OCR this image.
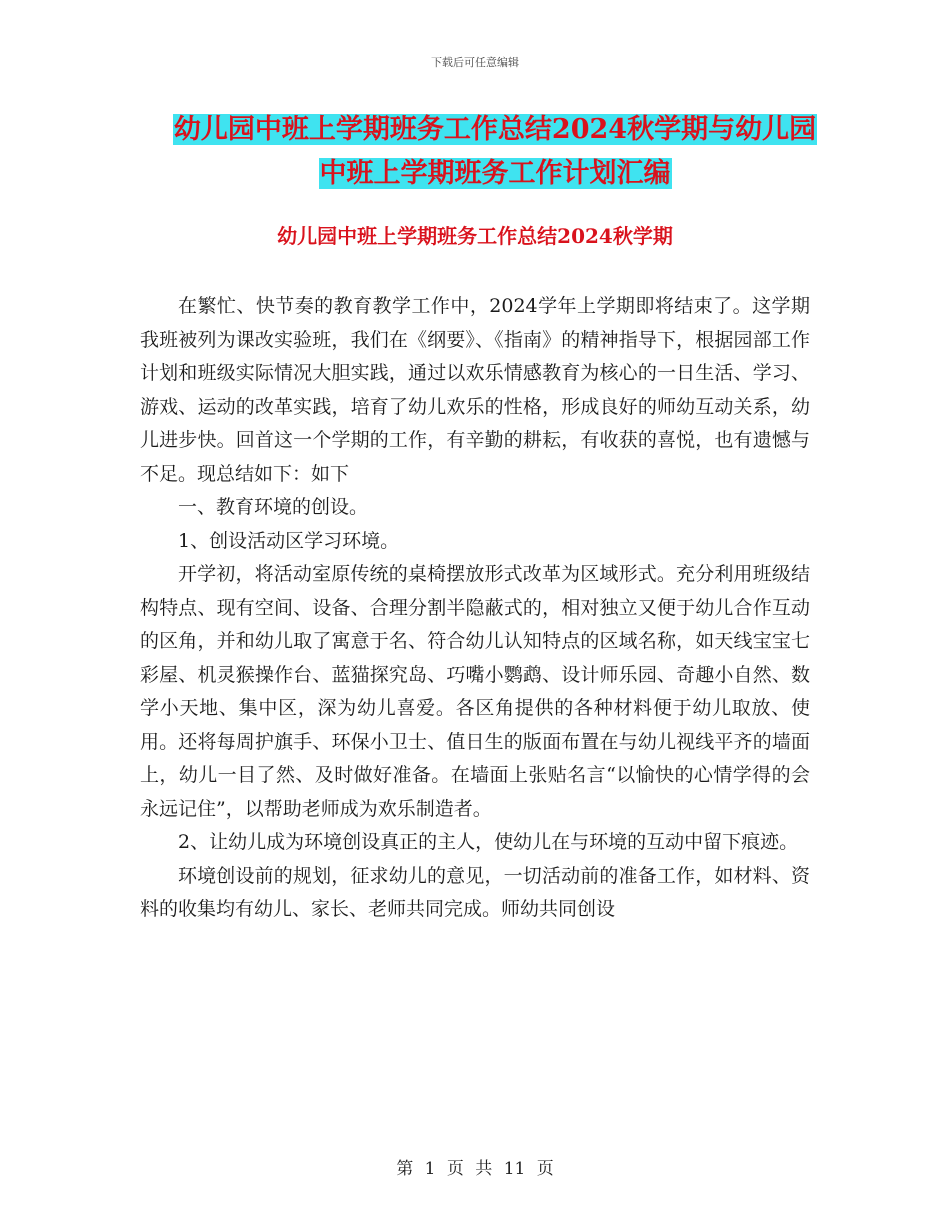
下载后可任意编辑
幼儿园中班上学期班务工作总结2024秋学期与幼儿园
中班上学期班务工作计划汇编
幼儿园中班上学期班务工作总结2024秋学期

在繁忙、快节奏的教育教学工作中，2024学年上学期即将结束了。这学期我班被列为课改实验班，我们在《纲要》、《指南》的精神指导下，根据园部工作计划和班级实际情况大胆实践，通过以欢乐情感教育为核心的一日生活、学习、游戏、运动的改革实践，培育了幼儿欢乐的性格，形成良好的师幼互动关系，幼儿进步快。回首这一个学期的工作，有辛勤的耕耘，有收获的喜悦，也有遗憾与不足。现总结如下：如下

一、教育环境的创设。

1、创设活动区学习环境。

开学初，将活动室原传统的桌椅摆放形式改革为区域形式。充分利用班级结构特点、现有空间、设备、合理分割半隐蔽式的，相对独立又便于幼儿合作互动的区角，并和幼儿取了寓意于名、符合幼儿认知特点的区域名称，如天线宝宝七彩屋、机灵猴操作台、蓝猫探究岛、巧嘴小鹦鹉、设计师乐园、奇趣小自然、数学小天地、集中区，深为幼儿喜爱。各区角提供的各种材料便于幼儿取放、使用。还将每周护旗手、环保小卫士、值日生的版面布置在与幼儿视线平齐的墙面上，幼儿一目了然、及时做好准备。在墙面上张贴名言“以愉快的心情学得的会永远记住”，以帮助老师成为欢乐制造者。

2、让幼儿成为环境创设真正的主人，使幼儿在与环境的互动中留下痕迹。

环境创设前的规划，征求幼儿的意见，一切活动前的准备工作，如材料、资料的收集均有幼儿、家长、老师共同完成。师幼共同创设

第 1 页 共 11 页
